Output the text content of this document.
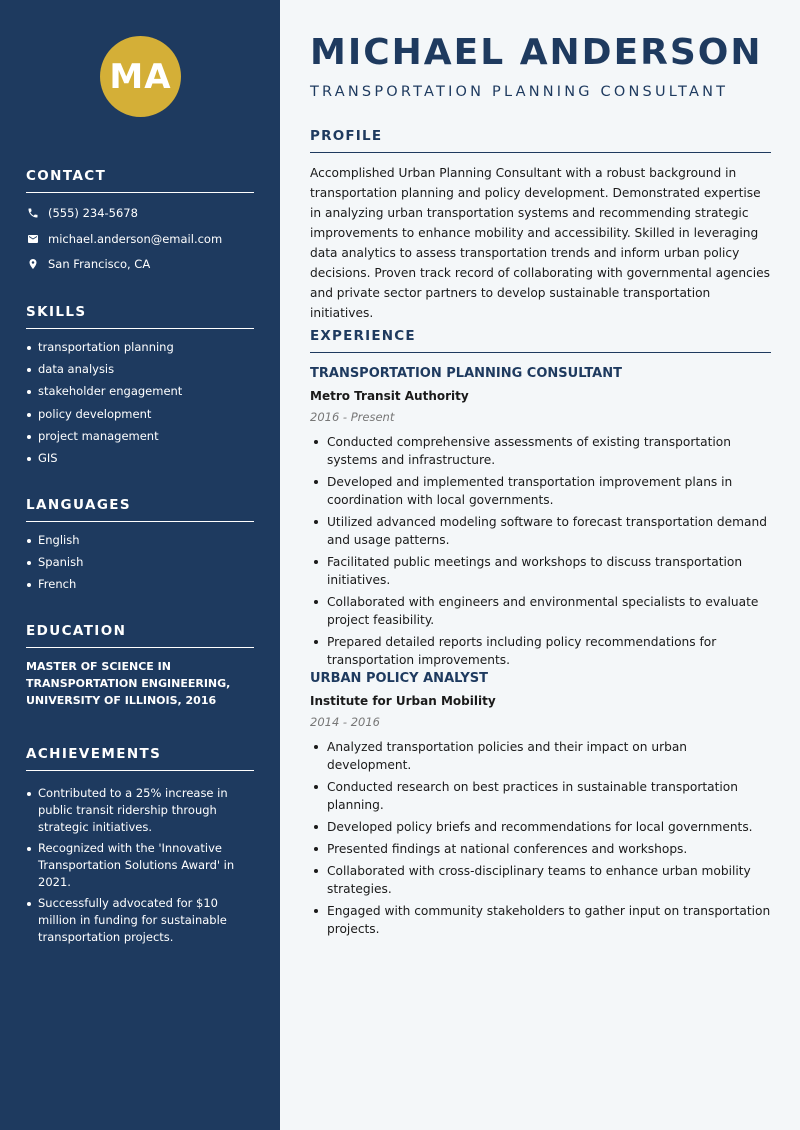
MA
CONTACT
(555) 234-5678
michael.anderson@email.com
San Francisco, CA
SKILLS
transportation planning
data analysis
stakeholder engagement
policy development
project management
GIS
LANGUAGES
English
Spanish
French
EDUCATION

MASTER OF SCIENCE IN TRANSPORTATION ENGINEERING, UNIVERSITY OF ILLINOIS, 2016

ACHIEVEMENTS
Contributed to a 25% increase in public transit ridership through strategic initiatives.
Recognized with the 'Innovative Transportation Solutions Award' in 2021.
Successfully advocated for $10 million in funding for sustainable transportation projects.
MICHAEL ANDERSON
TRANSPORTATION PLANNING CONSULTANT
PROFILE

Accomplished Urban Planning Consultant with a robust background in transportation planning and policy development. Demonstrated expertise in analyzing urban transportation systems and recommending strategic improvements to enhance mobility and accessibility. Skilled in leveraging data analytics to assess transportation trends and inform urban policy decisions. Proven track record of collaborating with governmental agencies and private sector partners to develop sustainable transportation initiatives.

EXPERIENCE
TRANSPORTATION PLANNING CONSULTANT
Metro Transit Authority
2016 - Present
Conducted comprehensive assessments of existing transportation systems and infrastructure.
Developed and implemented transportation improvement plans in coordination with local governments.
Utilized advanced modeling software to forecast transportation demand and usage patterns.
Facilitated public meetings and workshops to discuss transportation initiatives.
Collaborated with engineers and environmental specialists to evaluate project feasibility.
Prepared detailed reports including policy recommendations for transportation improvements.
URBAN POLICY ANALYST
Institute for Urban Mobility
2014 - 2016
Analyzed transportation policies and their impact on urban development.
Conducted research on best practices in sustainable transportation planning.
Developed policy briefs and recommendations for local governments.
Presented findings at national conferences and workshops.
Collaborated with cross-disciplinary teams to enhance urban mobility strategies.
Engaged with community stakeholders to gather input on transportation projects.
